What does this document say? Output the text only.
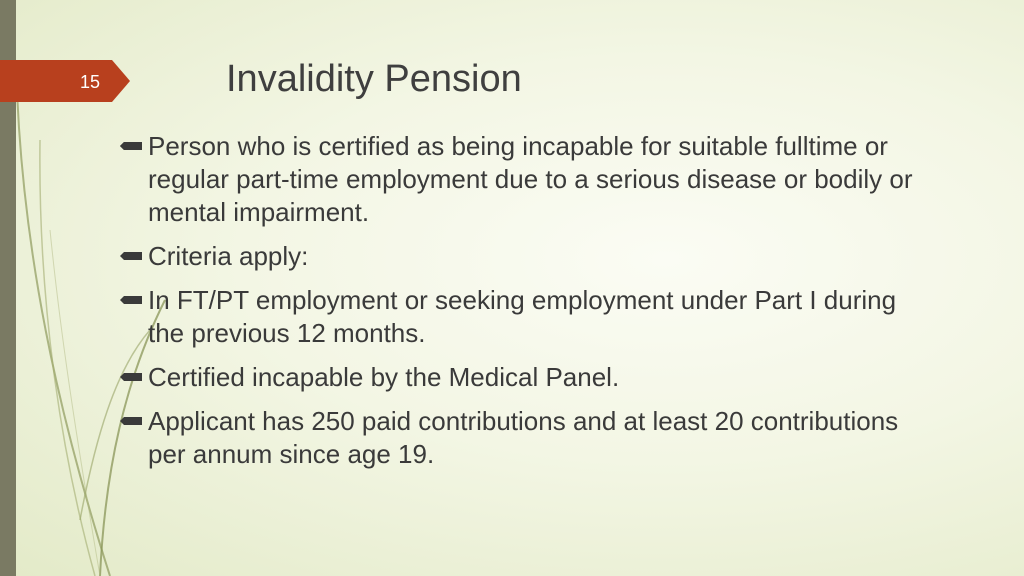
15	Invalidity Pension
Person who is certified as being incapable for suitable fulltime or regular part-time employment due to a serious disease or bodily or mental impairment.
Criteria apply:
In FT/PT employment or seeking employment under Part I during the previous 12 months.
Certified incapable by the Medical Panel.
Applicant has 250 paid contributions and at least 20 contributions per annum since age 19.
